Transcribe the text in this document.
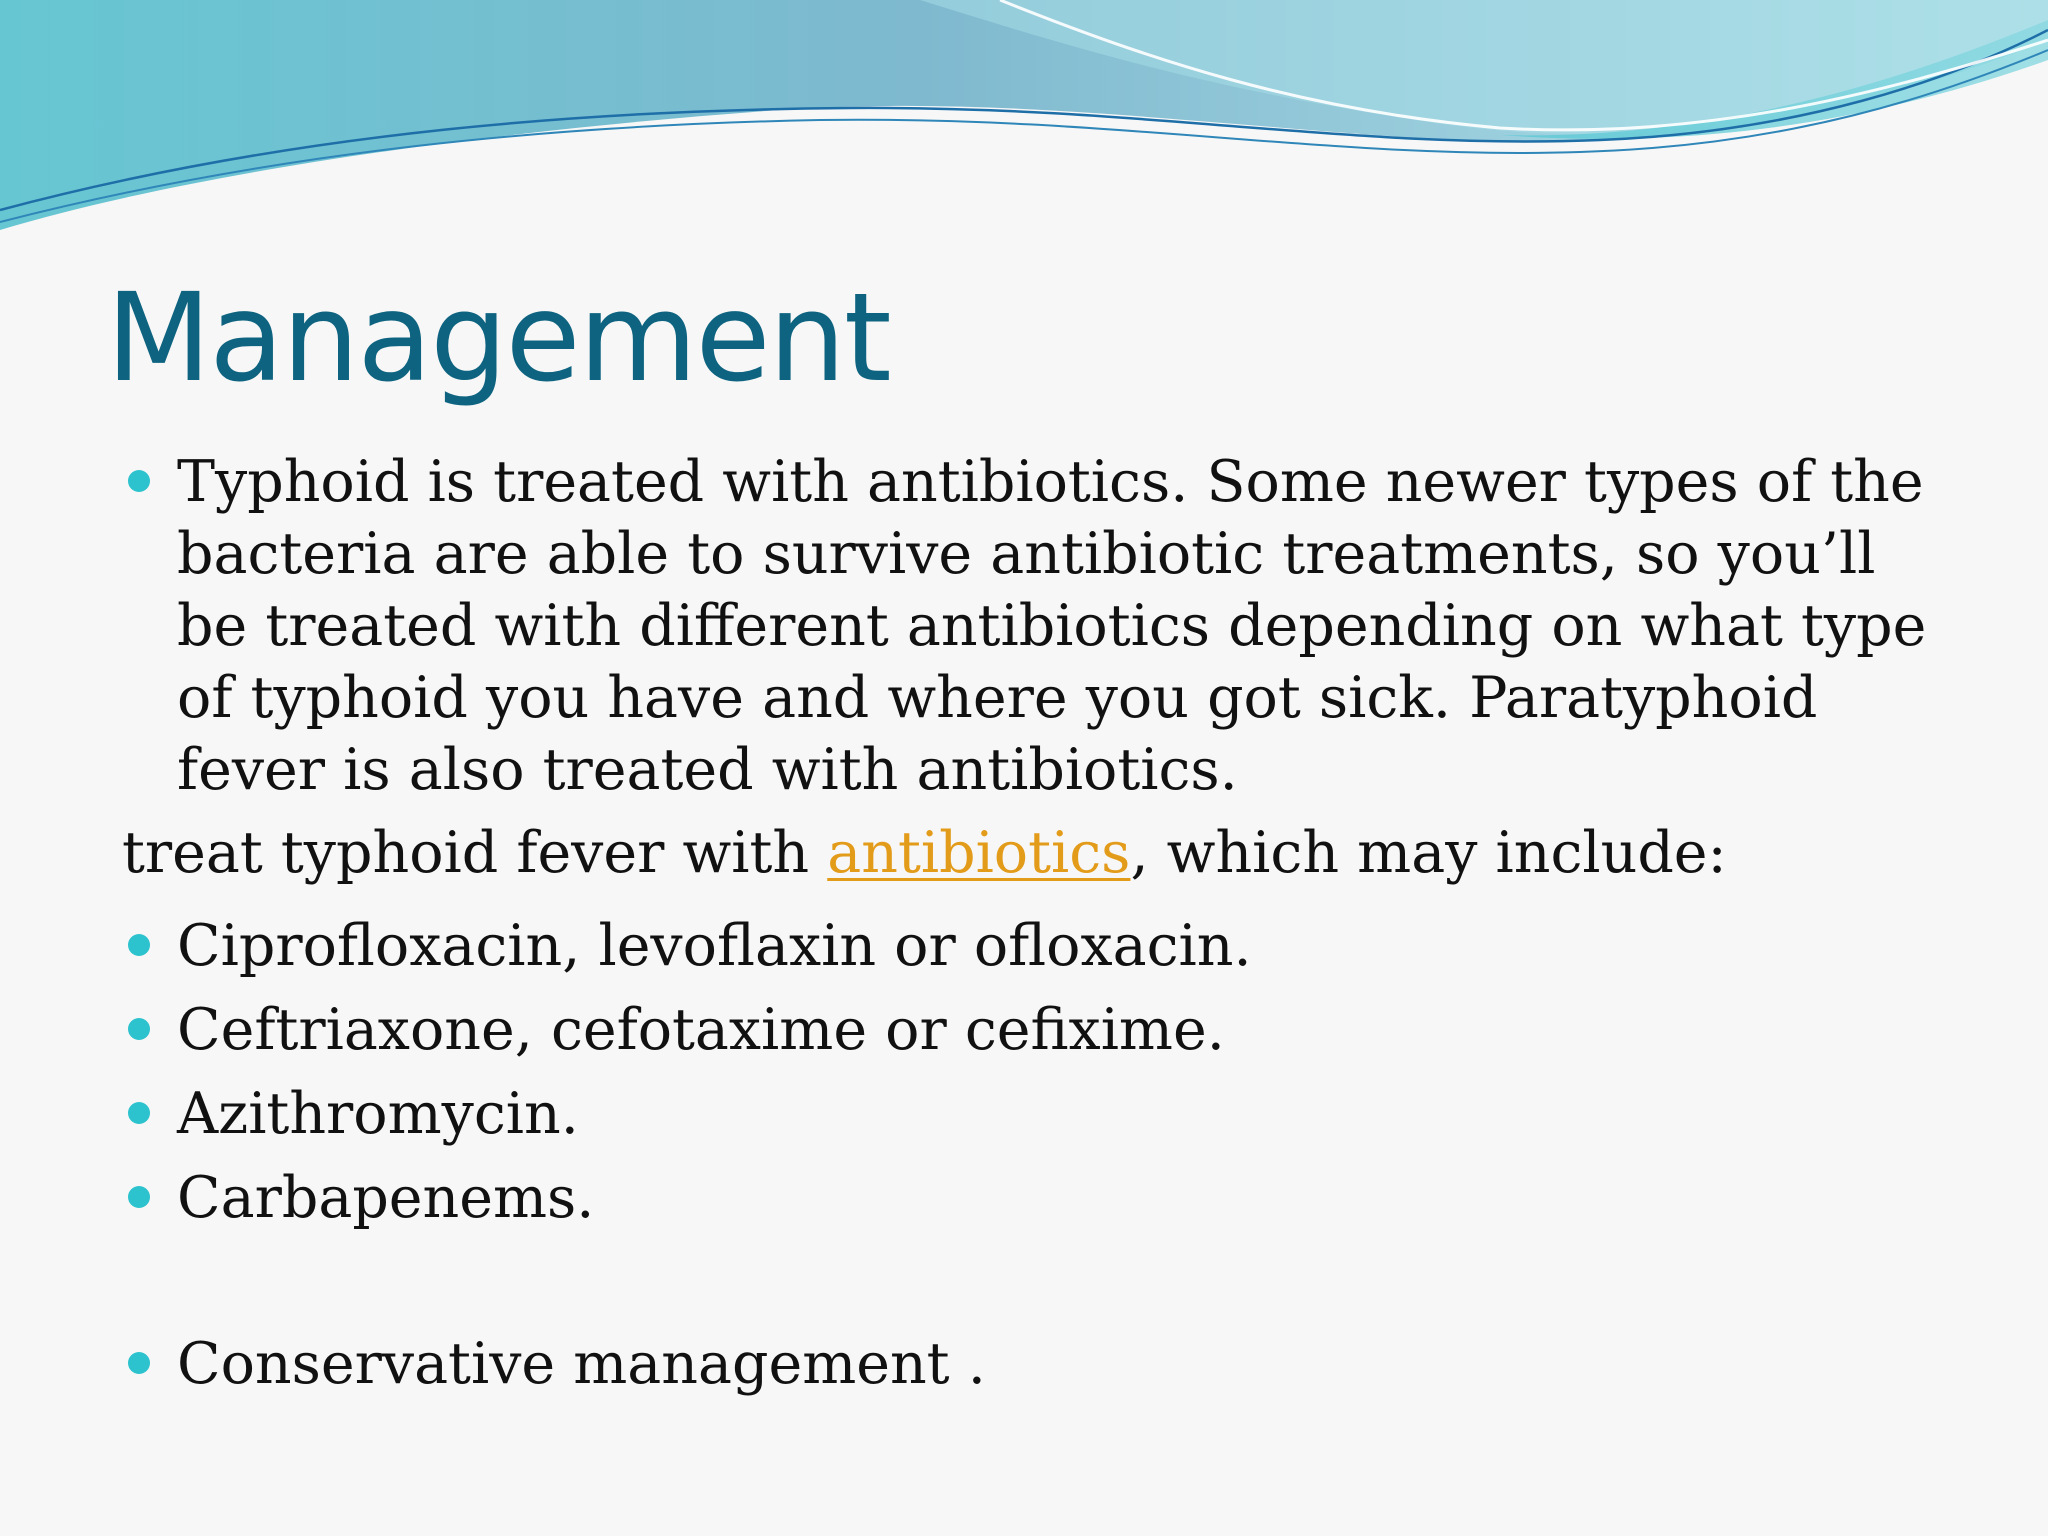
Management
Typhoid is treated with antibiotics. Some newer types of the
bacteria are able to survive antibiotic treatments, so you’ll
be treated with different antibiotics depending on what type
of typhoid you have and where you got sick. Paratyphoid
fever is also treated with antibiotics.
treat typhoid fever with antibiotics, which may include:
Ciprofloxacin, levoflaxin or ofloxacin.
Ceftriaxone, cefotaxime or cefixime.
Azithromycin.
Carbapenems.
Conservative management .
